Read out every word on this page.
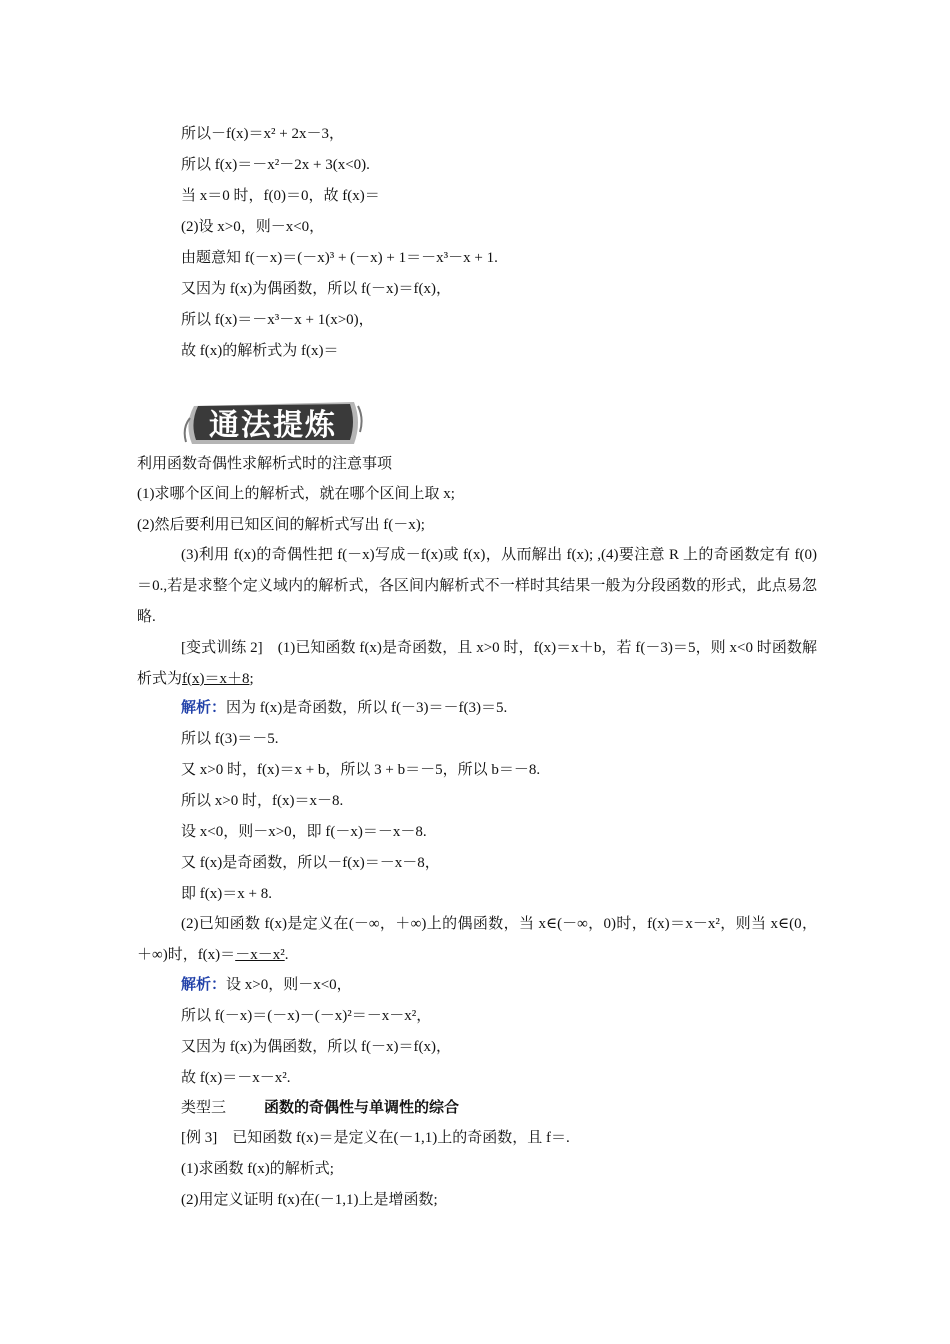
所以－f(x)＝x² + 2x－3，
所以 f(x)＝－x²－2x + 3(x<0).
当 x＝0 时，f(0)＝0，故 f(x)＝
(2)设 x>0，则－x<0，
由题意知 f(－x)＝(－x)³ + (－x) + 1＝－x³－x + 1.
又因为 f(x)为偶函数，所以 f(－x)＝f(x)，
所以 f(x)＝－x³－x + 1(x>0)，
故 f(x)的解析式为 f(x)＝
通法提炼
利用函数奇偶性求解析式时的注意事项
(1)求哪个区间上的解析式，就在哪个区间上取 x;
(2)然后要利用已知区间的解析式写出 f(－x);
(3)利用 f(x)的奇偶性把 f(－x)写成－f(x)或 f(x)，从而解出 f(x); ,(4)要注意 R 上的奇函数定有 f(0)＝0.,若是求整个定义域内的解析式，各区间内解析式不一样时其结果一般为分段函数的形式，此点易忽略.
[变式训练 2]　(1)已知函数 f(x)是奇函数，且 x>0 时，f(x)＝x＋b，若 f(－3)＝5，则 x<0 时函数解析式为f(x)＝x＋8;
解析：因为 f(x)是奇函数，所以 f(－3)＝－f(3)＝5.
所以 f(3)＝－5.
又 x>0 时，f(x)＝x + b，所以 3 + b＝－5，所以 b＝－8.
所以 x>0 时，f(x)＝x－8.
设 x<0，则－x>0，即 f(－x)＝－x－8.
又 f(x)是奇函数，所以－f(x)＝－x－8，
即 f(x)＝x + 8.
(2)已知函数 f(x)是定义在(－∞，＋∞)上的偶函数，当 x∈(－∞，0)时，f(x)＝x－x²，则当 x∈(0，＋∞)时，f(x)＝－x－x².
解析：设 x>0，则－x<0，
所以 f(－x)＝(－x)－(－x)²＝－x－x²，
又因为 f(x)为偶函数，所以 f(－x)＝f(x)，
故 f(x)＝－x－x².
类型三	函数的奇偶性与单调性的综合
[例 3]　已知函数 f(x)＝是定义在(－1,1)上的奇函数，且 f＝.
(1)求函数 f(x)的解析式;
(2)用定义证明 f(x)在(－1,1)上是增函数;
